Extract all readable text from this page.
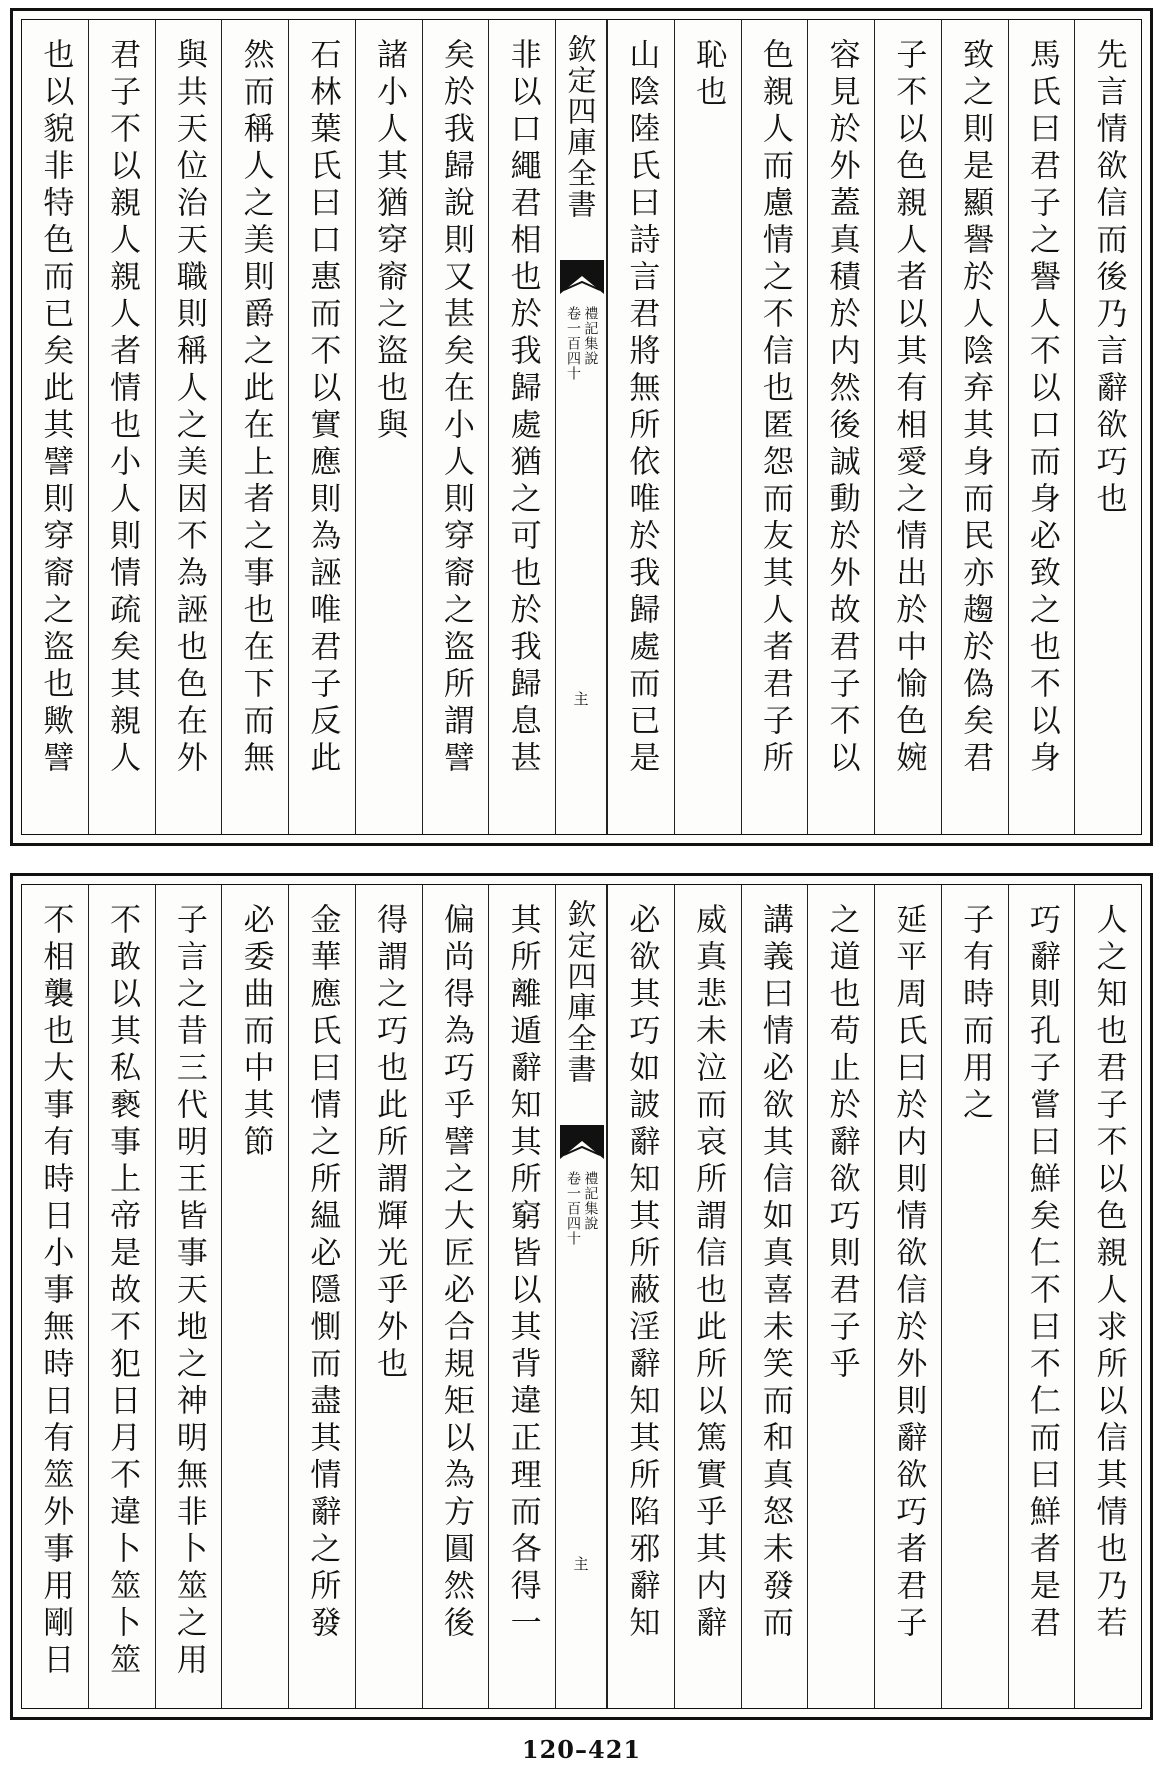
先言情欲信而後乃言辭欲巧也
馬氏曰君子之譽人不以口而身必致之也不以身
致之則是顯譽於人陰弃其身而民亦趨於偽矣君
子不以色親人者以其有相愛之情出於中愉色婉
容見於外蓋真積於内然後誠動於外故君子不以
色親人而慮情之不信也匿怨而友其人者君子所
恥也
山陰陸氏曰詩言君將無所依唯於我歸處而已是
欽定四庫全書
禮記集說
卷一百四十
主
非以口繩君相也於我歸處猶之可也於我歸息甚
矣於我歸說則又甚矣在小人則穿窬之盜所謂譬
諸小人其猶穿窬之盜也與
石林葉氏曰口惠而不以實應則為誣唯君子反此
然而稱人之美則爵之此在上者之事也在下而無
與共天位治天職則稱人之美因不為誣也色在外
君子不以親人親人者情也小人則情疏矣其親人
也以貌非特色而已矣此其譬則穿窬之盜也歟譬
人之知也君子不以色親人求所以信其情也乃若
巧辭則孔子嘗曰鮮矣仁不曰不仁而曰鮮者是君
子有時而用之
延平周氏曰於内則情欲信於外則辭欲巧者君子
之道也苟止於辭欲巧則君子乎
講義曰情必欲其信如真喜未笑而和真怒未發而
威真悲未泣而哀所謂信也此所以篤實乎其内辭
必欲其巧如詖辭知其所蔽淫辭知其所陷邪辭知
欽定四庫全書
禮記集說
卷一百四十
主
其所離遁辭知其所窮皆以其背違正理而各得一
偏尚得為巧乎譬之大匠必合規矩以為方圓然後
得謂之巧也此所謂輝光乎外也
金華應氏曰情之所緼必隱惻而盡其情辭之所發
必委曲而中其節
子言之昔三代明王皆事天地之神明無非卜筮之用
不敢以其私褻事上帝是故不犯日月不違卜筮卜筮
不相襲也大事有時日小事無時日有筮外事用剛日
120–421
